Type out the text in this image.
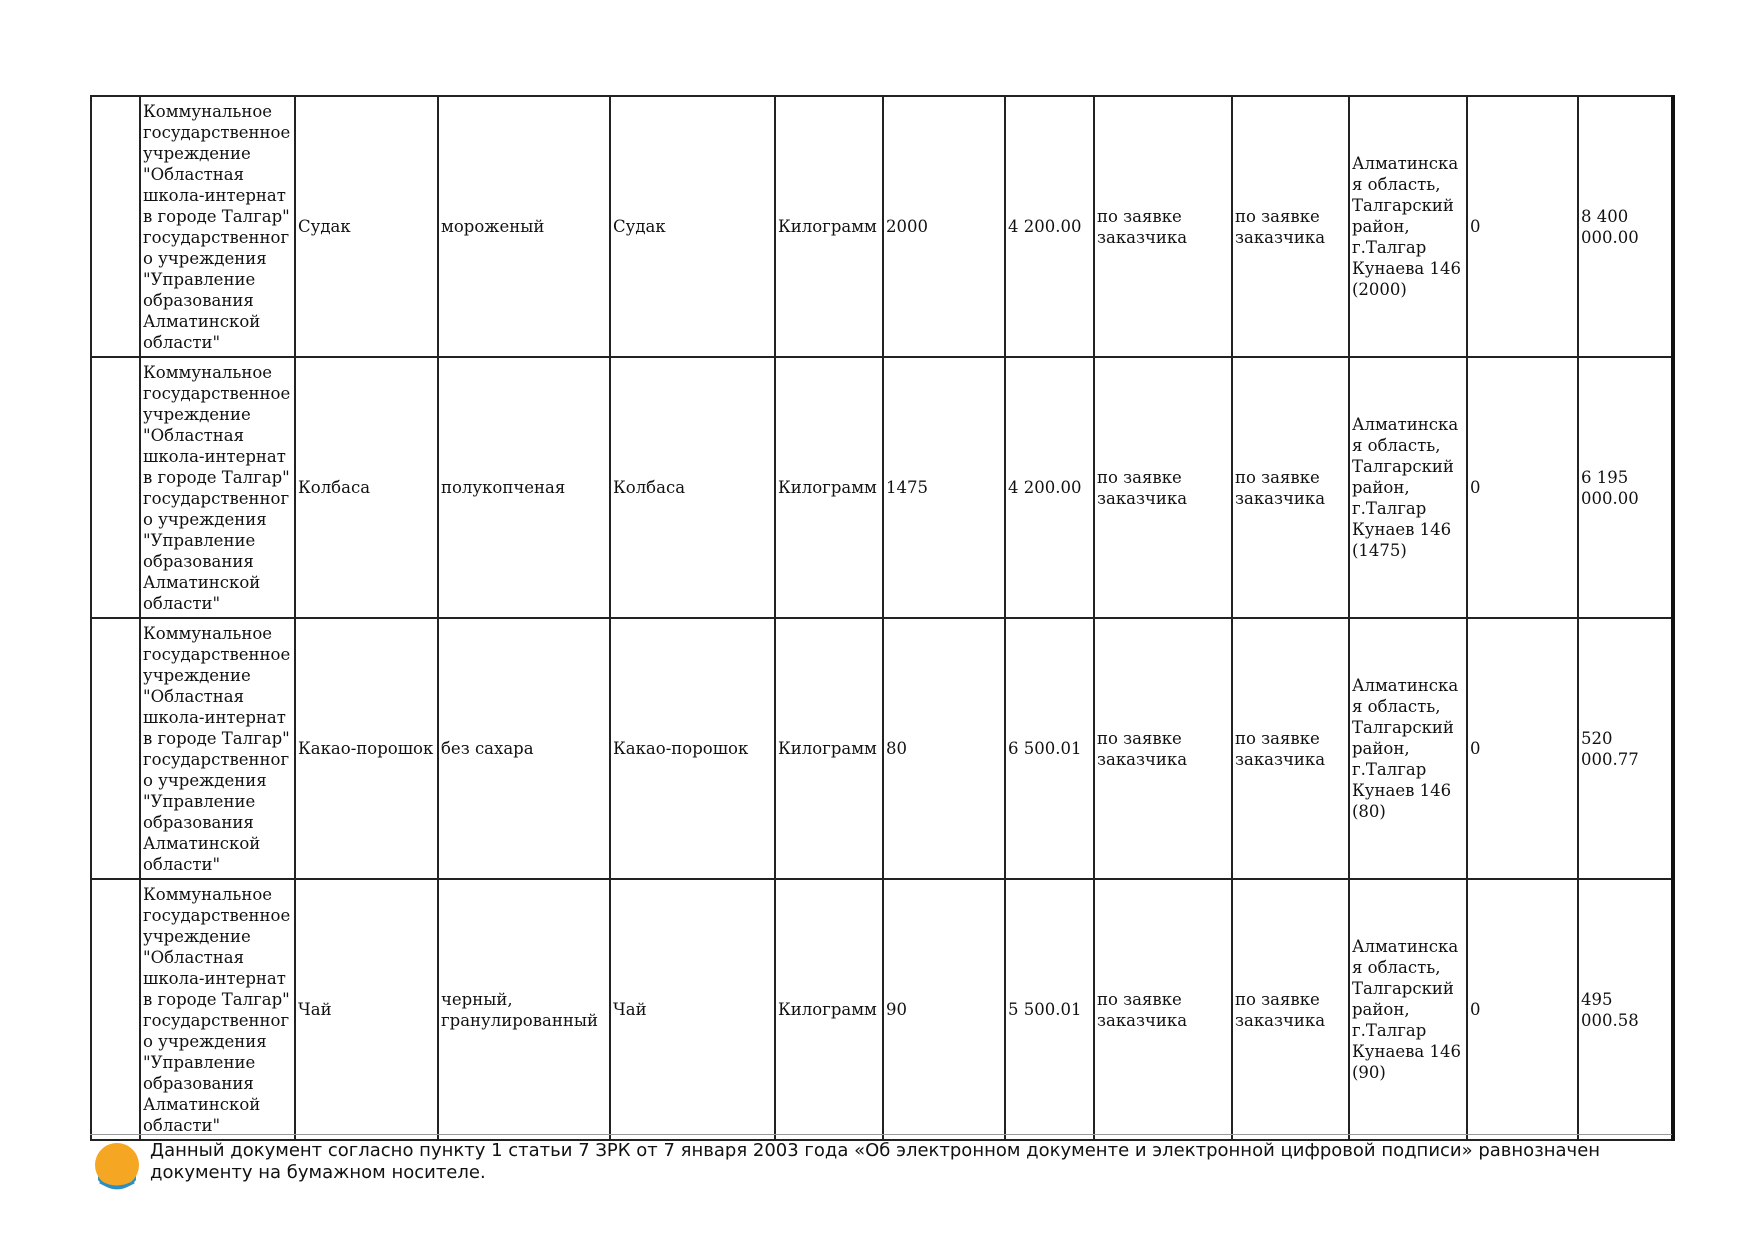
	Коммунальное государственное учреждение "Областная школа-интернат в городе Талгар" государственного учреждения "Управление образования Алматинской области"	Судак	мороженый	Судак	Килограмм	2000	4 200.00	по заявке заказчика	по заявке заказчика	Алматинская область, Талгарский район, г.Талгар Кунаева 146 (2000)	0	8 400 000.00
	Коммунальное государственное учреждение "Областная школа-интернат в городе Талгар" государственного учреждения "Управление образования Алматинской области"	Колбаса	полукопченая	Колбаса	Килограмм	1475	4 200.00	по заявке заказчика	по заявке заказчика	Алматинская область, Талгарский район, г.Талгар Кунаев 146 (1475)	0	6 195 000.00
	Коммунальное государственное учреждение "Областная школа-интернат в городе Талгар" государственного учреждения "Управление образования Алматинской области"	Какао-порошок	без сахара	Какао-порошок	Килограмм	80	6 500.01	по заявке заказчика	по заявке заказчика	Алматинская область, Талгарский район, г.Талгар Кунаев 146 (80)	0	520 000.77
	Коммунальное государственное учреждение "Областная школа-интернат в городе Талгар" государственного учреждения "Управление образования Алматинской области"	Чай	черный, гранулированный	Чай	Килограмм	90	5 500.01	по заявке заказчика	по заявке заказчика	Алматинская область, Талгарский район, г.Талгар Кунаева 146 (90)	0	495 000.58
Данный документ согласно пункту 1 статьи 7 ЗРК от 7 января 2003 года «Об электронном документе и электронной цифровой подписи» равнозначен документу на бумажном носителе.
